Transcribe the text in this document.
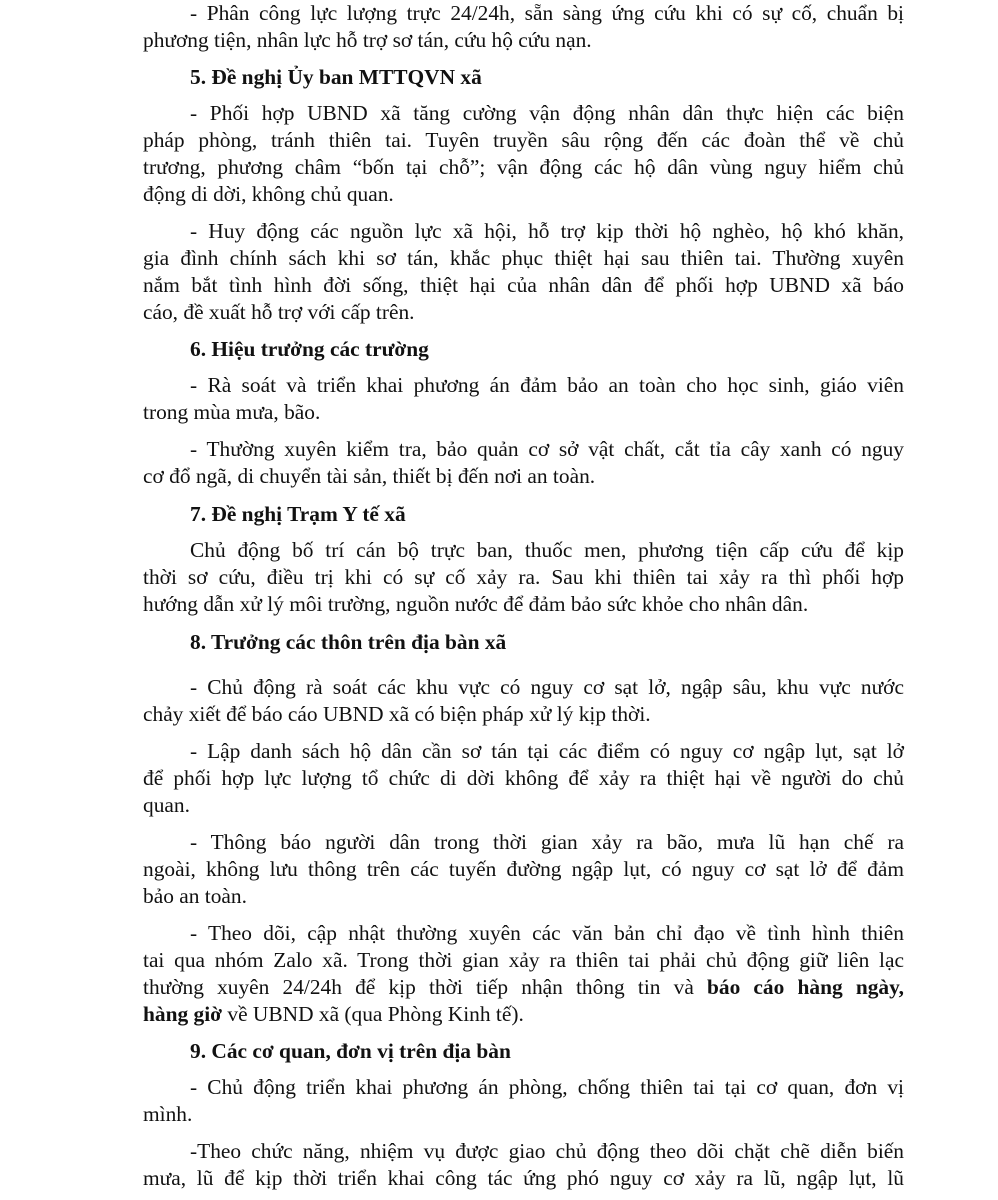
- Phân công lực lượng trực 24/24h, sẵn sàng ứng cứu khi có sự cố, chuẩn bị
phương tiện, nhân lực hỗ trợ sơ tán, cứu hộ cứu nạn.
5. Đề nghị Ủy ban MTTQVN xã
- Phối hợp UBND xã tăng cường vận động nhân dân thực hiện các biện
pháp phòng, tránh thiên tai. Tuyên truyền sâu rộng đến các đoàn thể về chủ
trương, phương châm “bốn tại chỗ”; vận động các hộ dân vùng nguy hiểm chủ
động di dời, không chủ quan.
- Huy động các nguồn lực xã hội, hỗ trợ kịp thời hộ nghèo, hộ khó khăn,
gia đình chính sách khi sơ tán, khắc phục thiệt hại sau thiên tai. Thường xuyên
nắm bắt tình hình đời sống, thiệt hại của nhân dân để phối hợp UBND xã báo
cáo, đề xuất hỗ trợ với cấp trên.
6. Hiệu trưởng các trường
- Rà soát và triển khai phương án đảm bảo an toàn cho học sinh, giáo viên
trong mùa mưa, bão.
- Thường xuyên kiểm tra, bảo quản cơ sở vật chất, cắt tỉa cây xanh có nguy
cơ đổ ngã, di chuyển tài sản, thiết bị đến nơi an toàn.
7. Đề nghị Trạm Y tế xã
Chủ động bố trí cán bộ trực ban, thuốc men, phương tiện cấp cứu để kịp
thời sơ cứu, điều trị khi có sự cố xảy ra. Sau khi thiên tai xảy ra thì phối hợp
hướng dẫn xử lý môi trường, nguồn nước để đảm bảo sức khỏe cho nhân dân.
8. Trưởng các thôn trên địa bàn xã
- Chủ động rà soát các khu vực có nguy cơ sạt lở, ngập sâu, khu vực nước
chảy xiết để báo cáo UBND xã có biện pháp xử lý kịp thời.
- Lập danh sách hộ dân cần sơ tán tại các điểm có nguy cơ ngập lụt, sạt lở
để phối hợp lực lượng tổ chức di dời không để xảy ra thiệt hại về người do chủ
quan.
- Thông báo người dân trong thời gian xảy ra bão, mưa lũ hạn chế ra
ngoài, không lưu thông trên các tuyến đường ngập lụt, có nguy cơ sạt lở để đảm
bảo an toàn.
- Theo dõi, cập nhật thường xuyên các văn bản chỉ đạo về tình hình thiên
tai qua nhóm Zalo xã. Trong thời gian xảy ra thiên tai phải chủ động giữ liên lạc
thường xuyên 24/24h để kịp thời tiếp nhận thông tin và báo cáo hàng ngày,
hàng giờ về UBND xã (qua Phòng Kinh tế).
9. Các cơ quan, đơn vị trên địa bàn
- Chủ động triển khai phương án phòng, chống thiên tai tại cơ quan, đơn vị
mình.
-Theo chức năng, nhiệm vụ được giao chủ động theo dõi chặt chẽ diễn biến
mưa, lũ để kịp thời triển khai công tác ứng phó nguy cơ xảy ra lũ, ngập lụt, lũ
